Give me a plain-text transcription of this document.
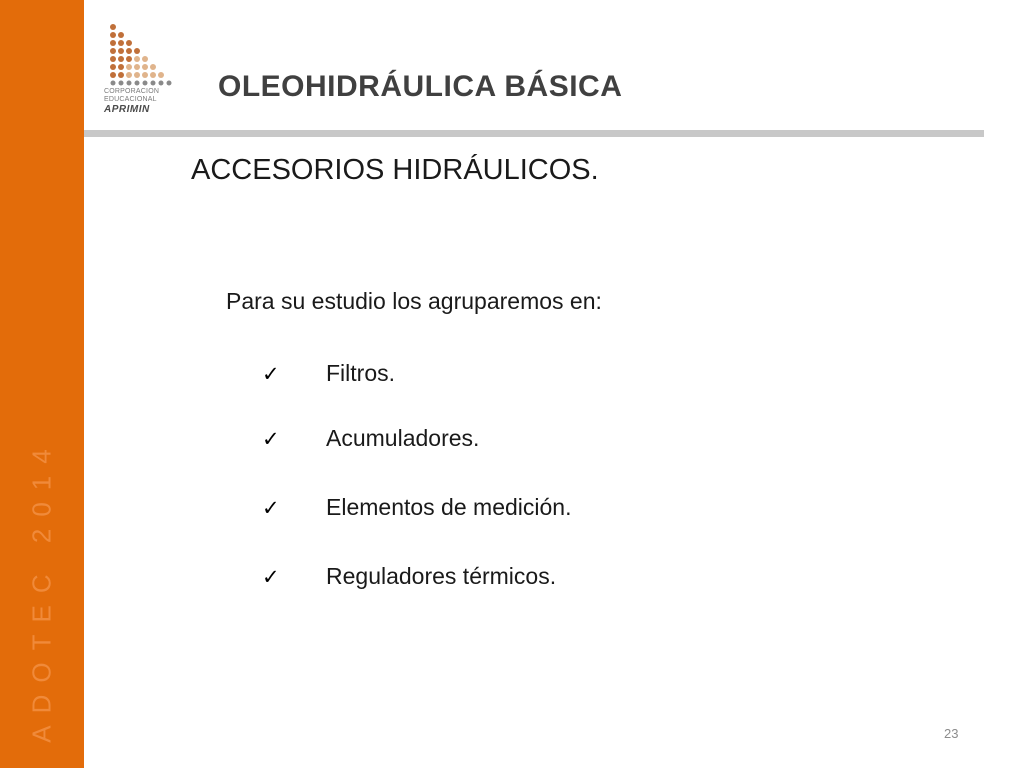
ADOTEC 2014
CORPORACION
EDUCACIONAL
APRIMIN
OLEOHIDRÁULICA BÁSICA
ACCESORIOS HIDRÁULICOS.
Para su estudio los agruparemos en:
✓ Filtros.
✓ Acumuladores.
✓ Elementos de medición.
✓ Reguladores térmicos.
23
